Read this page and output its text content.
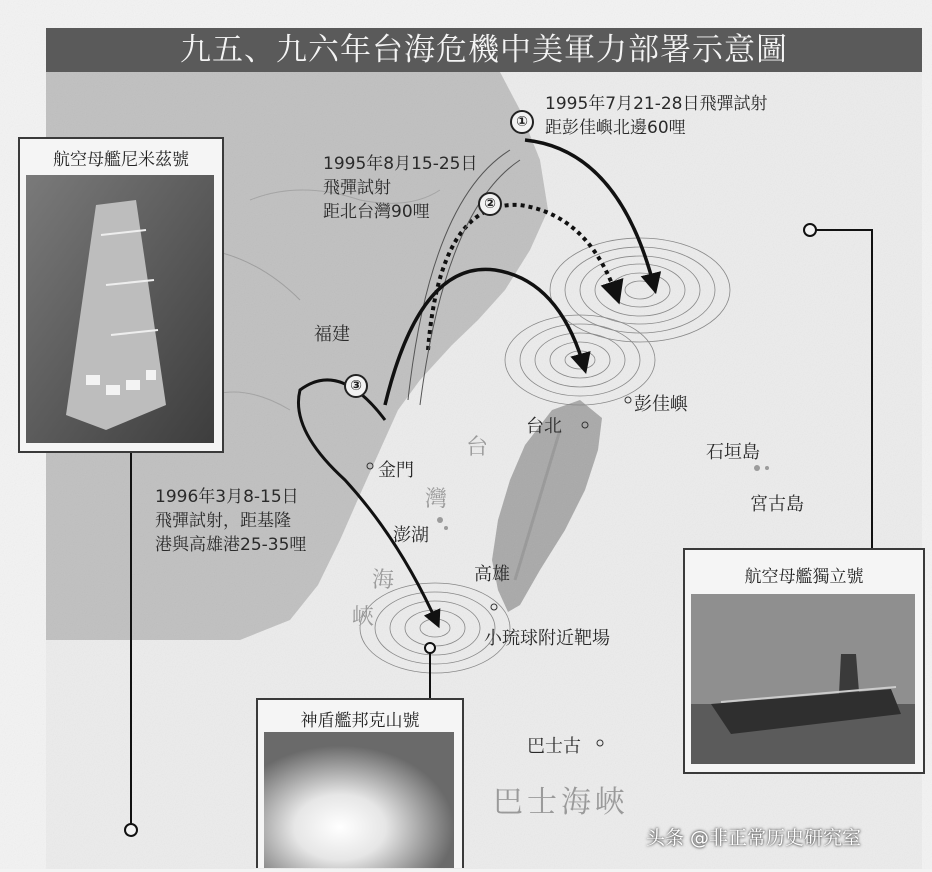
九五、九六年台海危機中美軍力部署示意圖
①
②
③
1995年7月21-28日飛彈試射
距彭佳嶼北邊60哩
1995年8月15-25日
飛彈試射
距北台灣90哩
1996年3月8-15日
飛彈試射，距基隆
港與高雄港25-35哩
福建
台北
彭佳嶼
金門
澎湖
高雄
小琉球附近靶場
石垣島
宮古島
巴士古
台
灣
海
峽
巴士海峽
航空母艦尼米茲號
航空母艦獨立號
神盾艦邦克山號
头条 @非正常历史研究室
